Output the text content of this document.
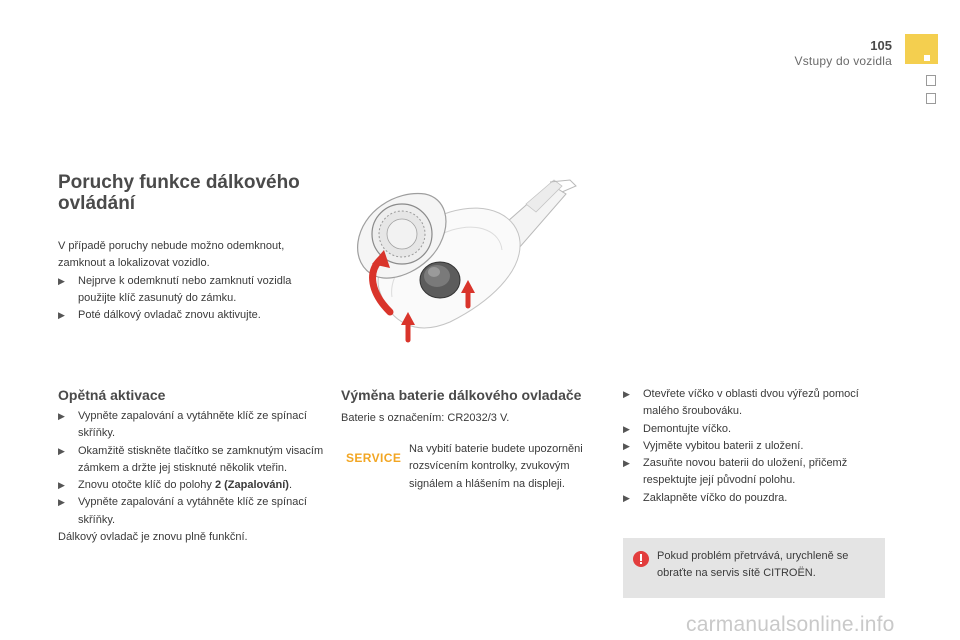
105
Vstupy do vozidla
Poruchy funkce dálkového ovládání
V případě poruchy nebude možno odemknout, zamknout a lokalizovat vozidlo.
▶︎ Nejprve k odemknutí nebo zamknutí vozidla použijte klíč zasunutý do zámku.
▶︎ Poté dálkový ovladač znovu aktivujte.
Opětná aktivace
▶︎ Vypněte zapalování a vytáhněte klíč ze spínací skříňky.
▶︎ Okamžitě stiskněte tlačítko se zamknutým visacím zámkem a držte jej stisknuté několik vteřin.
▶︎ Znovu otočte klíč do polohy 2 (Zapalování).
▶︎ Vypněte zapalování a vytáhněte klíč ze spínací skříňky.
Dálkový ovladač je znovu plně funkční.
Výměna baterie dálkového ovladače
Baterie s označením: CR2032/3 V.
SERVICE
Na vybití baterie budete upozorněni rozsvícením kontrolky, zvukovým signálem a hlášením na displeji.
▶︎ Otevřete víčko v oblasti dvou výřezů pomocí malého šroubováku.
▶︎ Demontujte víčko.
▶︎ Vyjměte vybitou baterii z uložení.
▶︎ Zasuňte novou baterii do uložení, přičemž respektujte její původní polohu.
▶︎ Zaklapněte víčko do pouzdra.
Pokud problém přetrvává, urychleně se obraťte na servis sítě CITROËN.
carmanualsonline.info
